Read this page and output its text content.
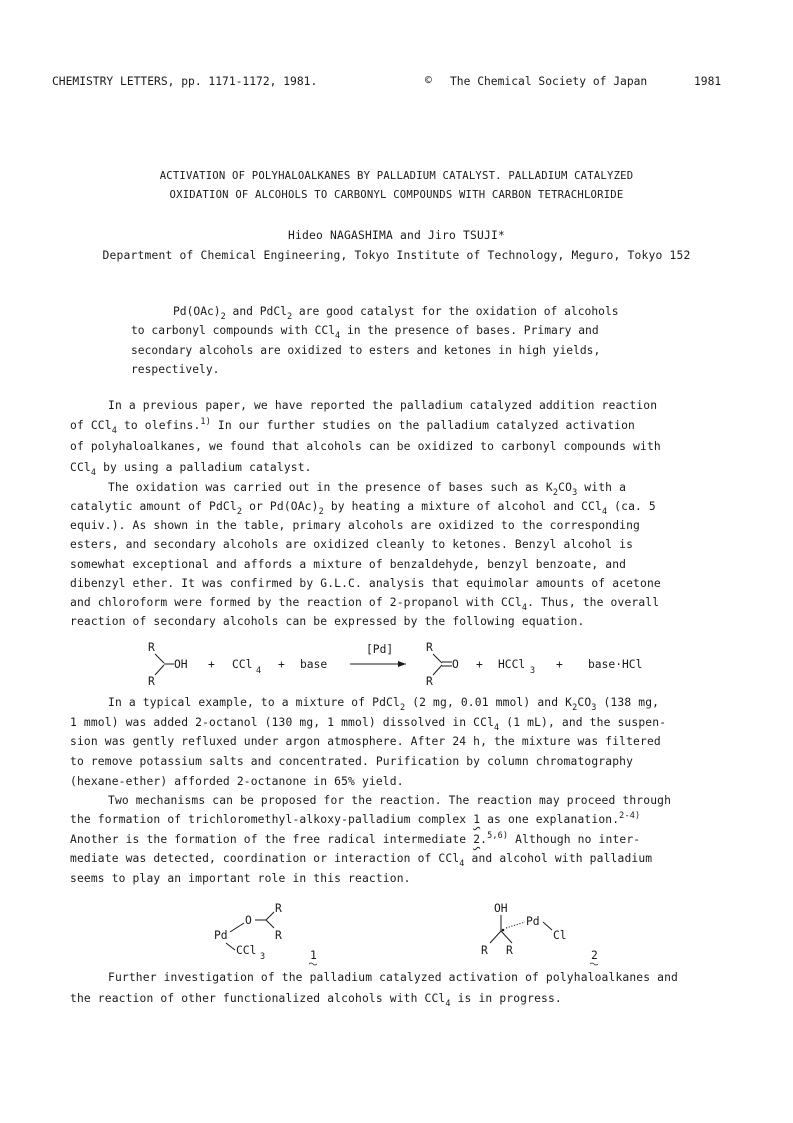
CHEMISTRY LETTERS, pp. 1171-1172, 1981.	© The Chemical Society of Japan	1981
ACTIVATION OF POLYHALOALKANES BY PALLADIUM CATALYST. PALLADIUM CATALYZED
OXIDATION OF ALCOHOLS TO CARBONYL COMPOUNDS WITH CARBON TETRACHLORIDE
Hideo NAGASHIMA and Jiro TSUJI*
Department of Chemical Engineering, Tokyo Institute of Technology, Meguro, Tokyo 152
$Pd(OAc)_2$ and PdCl$_2$ are good catalyst for the oxidation of alcohols
to carbonyl compounds with CCl$_4$ in the presence of bases. Primary and
secondary alcohols are oxidized to esters and ketones in high yields,
respectively.
In a previous paper, we have reported the palladium catalyzed addition reaction
of CCl$_4$ to olefins.$^{1)}$ In our further studies on the palladium catalyzed activation
of polyhaloalkanes, we found that alcohols can be oxidized to carbonyl compounds with
CCl$_4$ by using a palladium catalyst.
The oxidation was carried out in the presence of bases such as $K_2CO_3$ with a
catalytic amount of PdCl$_2$ or $Pd(OAc)_2$ by heating a mixture of alcohol and CCl$_4$ (ca. 5
equiv.). As shown in the table, primary alcohols are oxidized to the corresponding
esters, and secondary alcohols are oxidized cleanly to ketones. Benzyl alcohol is
somewhat exceptional and affords a mixture of benzaldehyde, benzyl benzoate, and
dibenzyl ether. It was confirmed by G.L.C. analysis that equimolar amounts of acetone
and chloroform were formed by the reaction of 2-propanol with CCl$_4$. Thus, the overall
reaction of secondary alcohols can be expressed by the following equation.
R
R
OH + CCl 4 + base
[Pd]	R
R
O + HCCl 3 + base·HCl
In a typical example, to a mixture of PdCl$_2$ (2 mg, 0.01 mmol) and $K_2CO_3$ (138 mg,
1 mmol) was added 2-octanol (130 mg, 1 mmol) dissolved in CCl$_4$ (1 mL), and the suspen-
sion was gently refluxed under argon atmosphere. After 24 h, the mixture was filtered
to remove potassium salts and concentrated. Purification by column chromatography
(hexane-ether) afforded 2-octanone in 65% yield.
Two mechanisms can be proposed for the reaction. The reaction may proceed through
the formation of trichloromethyl-alkoxy-palladium complex 1 as one explanation.$^{2-4)}$
Another is the formation of the free radical intermediate 2.$^{5,6)}$ Although no inter-
mediate was detected, coordination or interaction of CCl$_4$ and alcohol with palladium
seems to play an important role in this reaction.
Pd
O
R
R
CCl 3	1
OH
Pd
Cl
R R	2
Further investigation of the palladium catalyzed activation of polyhaloalkanes and
the reaction of other functionalized alcohols with CCl$_4$ is in progress.
